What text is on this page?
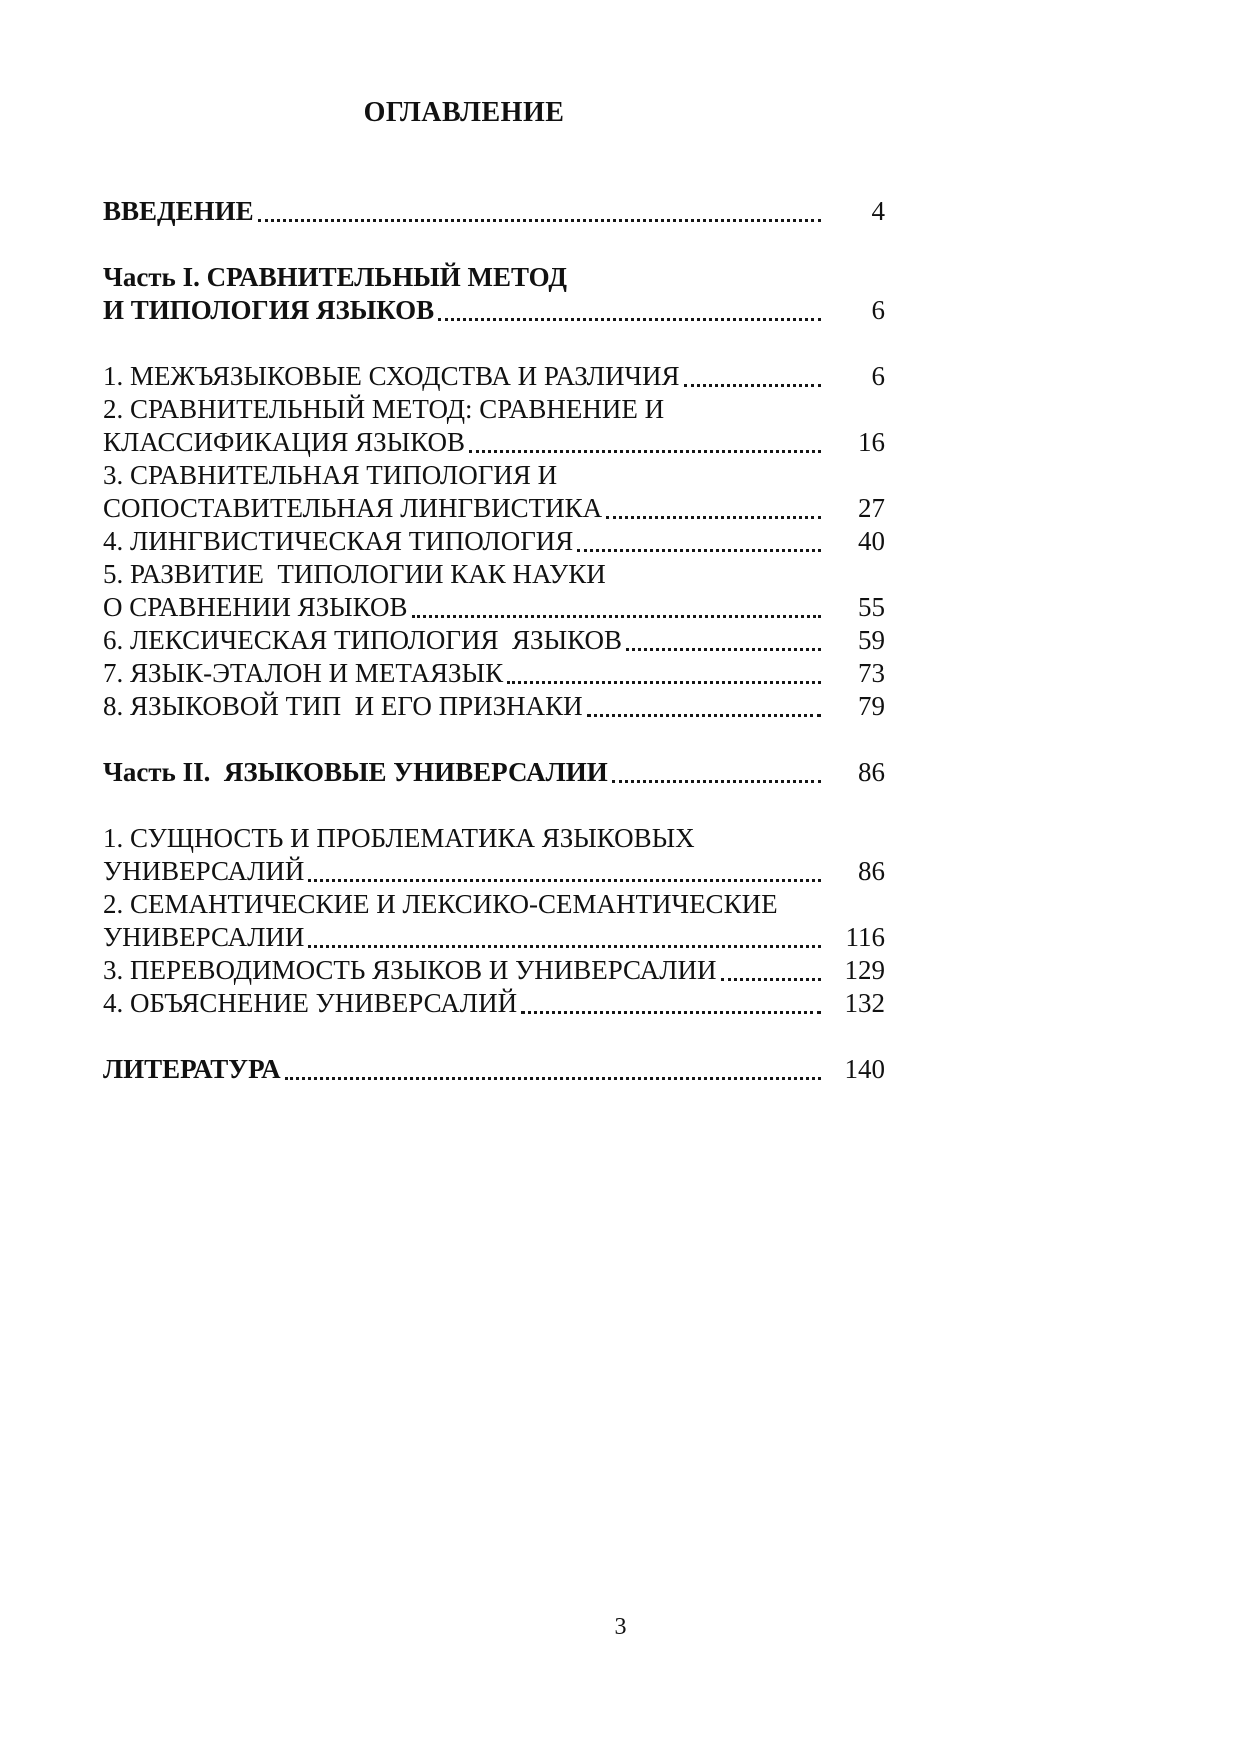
ОГЛАВЛЕНИЕ
ВВЕДЕНИЕ	4
Часть I. СРАВНИТЕЛЬНЫЙ МЕТОД
И ТИПОЛОГИЯ ЯЗЫКОВ	6
1. МЕЖЪЯЗЫКОВЫЕ СХОДСТВА И РАЗЛИЧИЯ	6
2. СРАВНИТЕЛЬНЫЙ МЕТОД: СРАВНЕНИЕ И
КЛАССИФИКАЦИЯ ЯЗЫКОВ	16
3. СРАВНИТЕЛЬНАЯ ТИПОЛОГИЯ И
СОПОСТАВИТЕЛЬНАЯ ЛИНГВИСТИКА	27
4. ЛИНГВИСТИЧЕСКАЯ ТИПОЛОГИЯ	40
5. РАЗВИТИЕ  ТИПОЛОГИИ КАК НАУКИ
О СРАВНЕНИИ ЯЗЫКОВ	55
6. ЛЕКСИЧЕСКАЯ ТИПОЛОГИЯ  ЯЗЫКОВ	59
7. ЯЗЫК-ЭТАЛОН И МЕТАЯЗЫК	73
8. ЯЗЫКОВОЙ ТИП  И ЕГО ПРИЗНАКИ	79
Часть II.  ЯЗЫКОВЫЕ УНИВЕРСАЛИИ	86
1. СУЩНОСТЬ И ПРОБЛЕМАТИКА ЯЗЫКОВЫХ
УНИВЕРСАЛИЙ	86
2. СЕМАНТИЧЕСКИЕ И ЛЕКСИКО-СЕМАНТИЧЕСКИЕ
УНИВЕРСАЛИИ	116
3. ПЕРЕВОДИМОСТЬ ЯЗЫКОВ И УНИВЕРСАЛИИ	129
4. ОБЪЯСНЕНИЕ УНИВЕРСАЛИЙ	132
ЛИТЕРАТУРА	140
3
